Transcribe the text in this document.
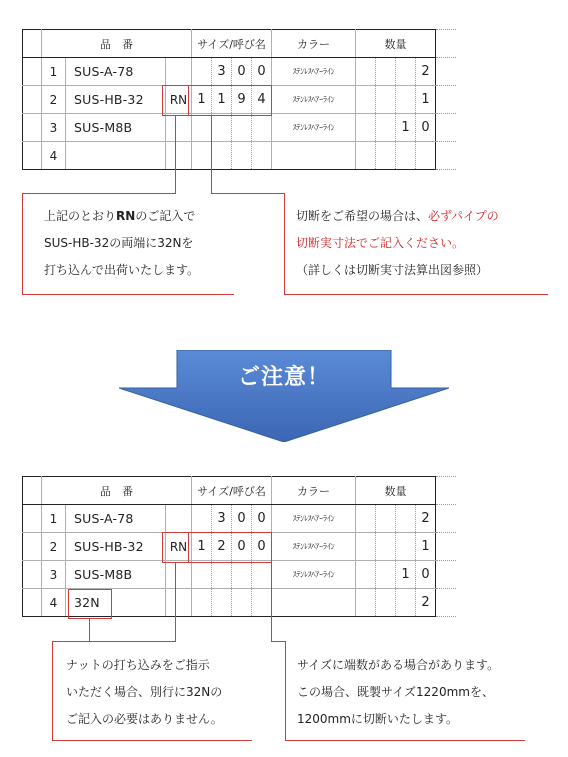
	品　番			サイズ/呼び名				カラー	数量				
	1	SUS-A-78			3	0	0	ｽﾃﾝﾚｽﾍｱｰﾗｲﾝ				2	
	2	SUS-HB-32	RN	1	1	9	4	ｽﾃﾝﾚｽﾍｱｰﾗｲﾝ				1	
	3	SUS-M8B						ｽﾃﾝﾚｽﾍｱｰﾗｲﾝ			1	0	
	4												
	品　番			サイズ/呼び名				カラー	数量				
	1	SUS-A-78			3	0	0	ｽﾃﾝﾚｽﾍｱｰﾗｲﾝ				2	
	2	SUS-HB-32	RN	1	2	0	0	ｽﾃﾝﾚｽﾍｱｰﾗｲﾝ				1	
	3	SUS-M8B						ｽﾃﾝﾚｽﾍｱｰﾗｲﾝ			1	0	
	4	32N										2	
上記のとおりRNのご記入で
SUS-HB-32の両端に32Nを
打ち込んで出荷いたします。
切断をご希望の場合は、必ずパイプの
切断実寸法でご記入ください。
（詳しくは切断実寸法算出図参照）
ご注意！
ナットの打ち込みをご指示
いただく場合、別行に32Nの
ご記入の必要はありません。
サイズに端数がある場合があります。
この場合、既製サイズ1220mmを、
1200mmに切断いたします。
